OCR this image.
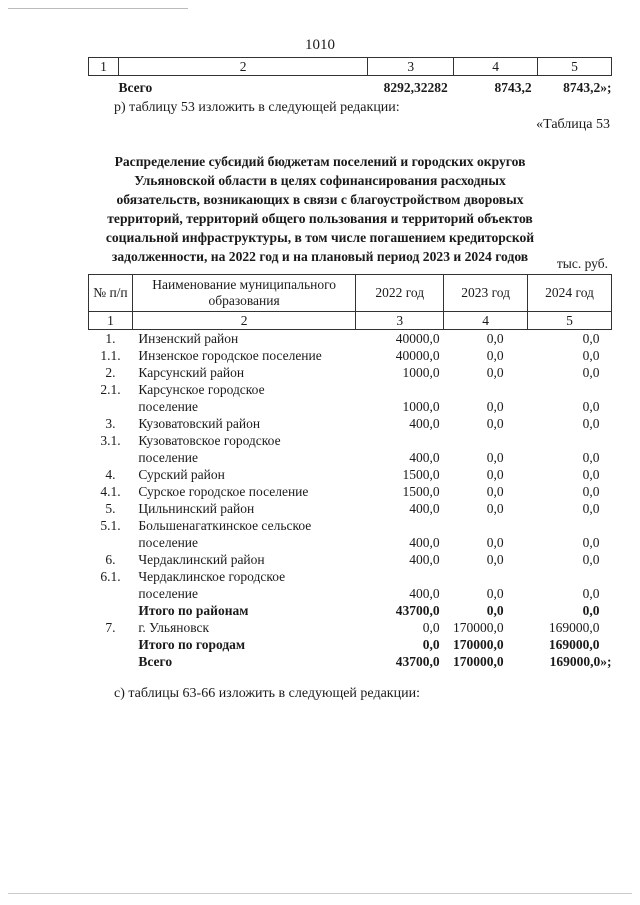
1010
1	2	3	4	5
Всего		8292,32282	8743,2	8743,2»;
р) таблицу 53 изложить в следующей редакции:
«Таблица 53
Распределение субсидий бюджетам поселений и городских округов Ульяновской области в целях софинансирования расходных обязательств, возникающих в связи с благоустройством дворовых территорий, территорий общего пользования и территорий объектов социальной инфраструктуры, в том числе погашением кредиторской задолженности, на 2022 год и на плановый период 2023 и 2024 годов	тыс. руб.
№ п/п	Наименование муниципального образования	2022 год	2023 год	2024 год
1	2	3	4	5
1.	Инзенский район	40000,0	0,0	0,0
1.1.	Инзенское городское поселение	40000,0	0,0	0,0
2.	Карсунский район	1000,0	0,0	0,0
2.1.	Карсунское городское			
	поселение	1000,0	0,0	0,0
3.	Кузоватовский район	400,0	0,0	0,0
3.1.	Кузоватовское городское			
	поселение	400,0	0,0	0,0
4.	Сурский район	1500,0	0,0	0,0
4.1.	Сурское городское поселение	1500,0	0,0	0,0
5.	Цильнинский район	400,0	0,0	0,0
5.1.	Большенагаткинское сельское			
	поселение	400,0	0,0	0,0
6.	Чердаклинский район	400,0	0,0	0,0
6.1.	Чердаклинское городское			
	поселение	400,0	0,0	0,0
	Итого по районам	43700,0	0,0	0,0
7.	г. Ульяновск	0,0	170000,0	169000,0
	Итого по городам	0,0	170000,0	169000,0
	Всего	43700,0	170000,0	169000,0»;
с) таблицы 63-66 изложить в следующей редакции:
